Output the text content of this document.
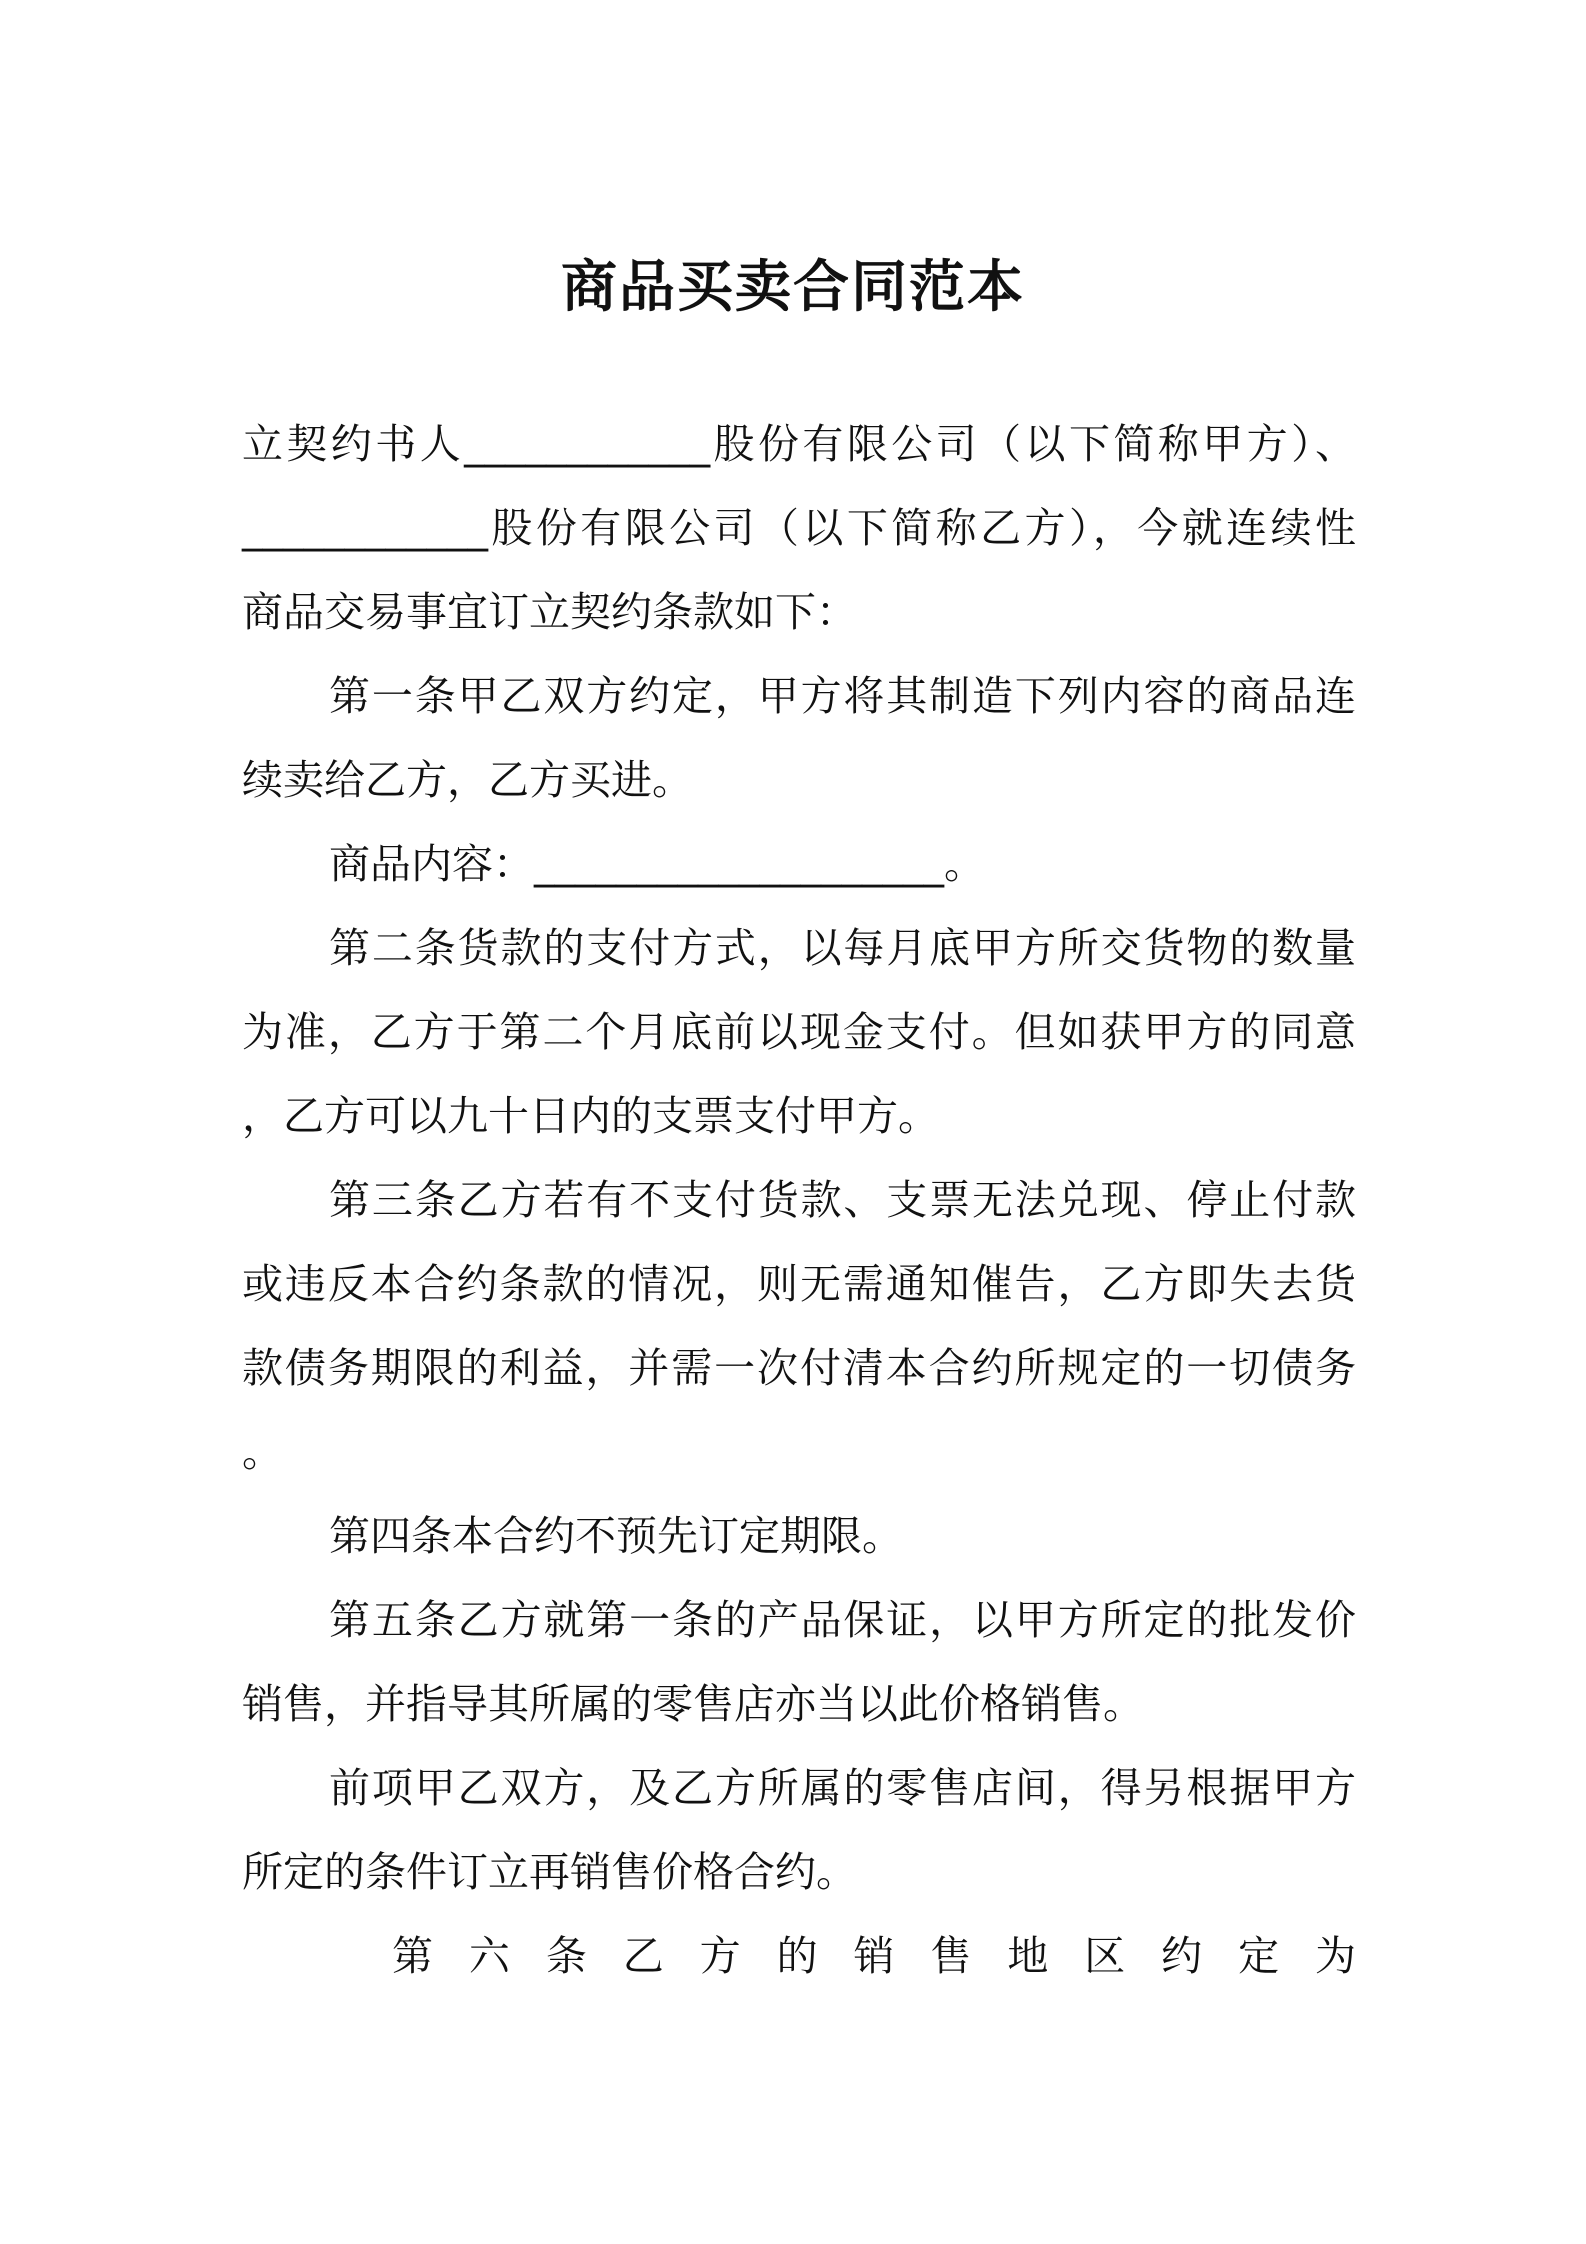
商品买卖合同范本
立契约书人____________股份有限公司（以下简称甲方）、
____________股份有限公司（以下简称乙方），今就连续性
商品交易事宜订立契约条款如下：
第一条甲乙双方约定，甲方将其制造下列内容的商品连
续卖给乙方，乙方买进。
商品内容：____________________。
第二条货款的支付方式，以每月底甲方所交货物的数量
为准，乙方于第二个月底前以现金支付。但如获甲方的同意
，乙方可以九十日内的支票支付甲方。
第三条乙方若有不支付货款、支票无法兑现、停止付款
或违反本合约条款的情况，则无需通知催告，乙方即失去货
款债务期限的利益，并需一次付清本合约所规定的一切债务
。
第四条本合约不预先订定期限。
第五条乙方就第一条的产品保证，以甲方所定的批发价
销售，并指导其所属的零售店亦当以此价格销售。
前项甲乙双方，及乙方所属的零售店间，得另根据甲方
所定的条件订立再销售价格合约。
第六条乙方的销售地区约定为
